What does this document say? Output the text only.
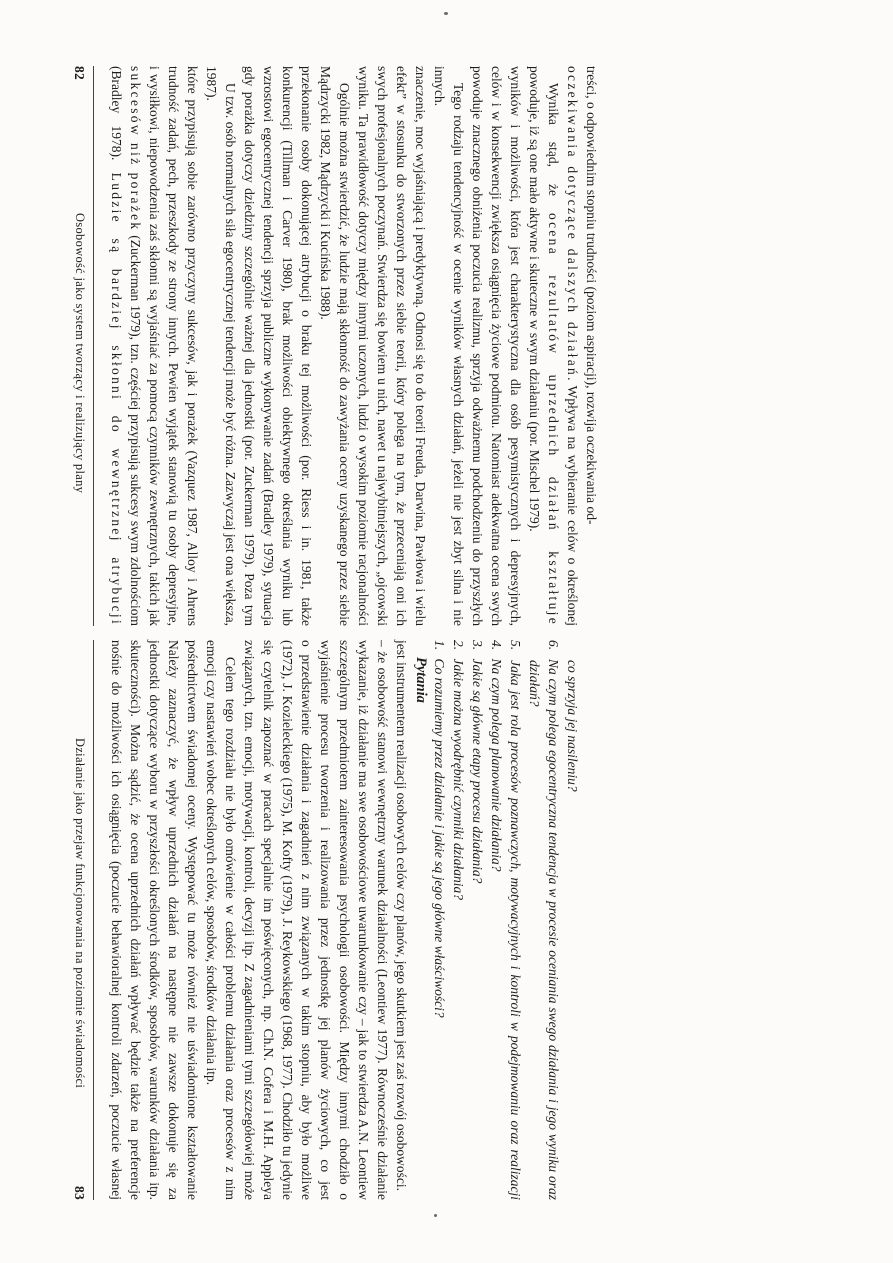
82
Osobowość jako system tworzący i realizujący plany

(Bradley 1978). Ludzie są bardziej skłonni do wewnętrznej atrybucji sukcesów niż porażek (Zuckerman 1979), tzn. częściej przypisują sukcesy swym zdolnościom i wysiłkowi, niepowodzenia zaś skłonni są wyjaśniać za pomocą czynników zewnętrznych, takich jak trudność zadań, pech, przeszkody ze strony innych. Pewien wyjątek stanowią tu osoby depresyjne, które przypisują sobie zarówno przyczyny sukcesów, jak i porażek (Vazquez 1987, Alloy i Ahrens 1987). U tzw. osób normalnych siła egocentrycznej tendencji może być różna. Zazwyczaj jest ona większa, gdy porażka dotyczy dziedziny szczególnie ważnej dla jednostki (por. Zuckerman 1979). Poza tym wzrostowi egocentrycznej tendencji sprzyja publiczne wykonywanie zadań (Bradley 1979), sytuacja konkurencji (Tillman i Carver 1980), brak możliwości obiektywnego określania wyniku lub przekonanie osoby dokonującej atrybucji o braku tej możliwości (por. Riess i in. 1981, także Mądrzycki 1982, Mądrzycki i Kucińska 1988). Ogólnie można stwierdzić, że ludzie mają skłonność do zawyżania oceny uzyskanego przez siebie wyniku. Ta prawidłowość dotyczy między innymi uczonych, ludzi o wysokim poziomie racjonalności swych profesjonalnych poczynań. Stwierdza się bowiem u nich, nawet u najwybitniejszych, „ojcowski efekt” w stosunku do stworzonych przez siebie teorii, który polega na tym, że przeceniają oni ich znaczenie, moc wyjaśniającą i predyktywną. Odnosi się to do teorii Freuda, Darwina, Pawłowa i wielu innych. Tego rodzaju tendencyjność w ocenie wyników własnych działań, jeżeli nie jest zbyt silna i nie powoduje znacznego obniżenia poczucia realizmu, sprzyja odważnemu podchodzeniu do przyszłych celów i w konsekwencji zwiększa osiągnięcia życiowe podmiotu. Natomiast adekwatna ocena swych wyników i możliwości, która jest charakterystyczna dla osób pesymistycznych i depresyjnych, powoduje, iż są one mało aktywne i skuteczne w swym działaniu (por. Mischel 1979). Wynika stąd, że ocena rezultatów uprzednich działań kształtuje oczekiwania dotyczące dalszych działań. Wpływa na wybieranie celów o określonej treści, o odpowiednim stopniu trudności (poziom aspiracji), rozwija oczekiwania od-

Działanie jako przejaw funkcjonowania na poziomie świadomości
83 nośnie do możliwości ich osiągnięcia (poczucie behawioralnej kontroli zdarzeń, poczucie własnej skuteczności). Można sądzić, że ocena uprzednich działań wpływać będzie także na preferencje jednostki dotyczące wyboru w przyszłości określonych środków, sposobów, warunków działania itp. Należy zaznaczyć, że wpływ uprzednich działań na następne nie zawsze dokonuje się za pośrednictwem świadomej oceny. Występować tu może również nie uświadomione kształtowanie emocji czy nastawień wobec określonych celów, sposobów, środków działania itp. Celem tego rozdziału nie było omówienie w całości problemu działania oraz procesów z nim związanych, tzn. emocji, motywacji, kontroli, decyzji itp. Z zagadnieniami tymi szczegółowiej może się czytelnik zapoznać w pracach specjalnie im poświęconych, np. Ch.N. Cofera i M.H. Appleya (1972), J. Kozieleckiego (1975), M. Kofty (1979), J. Reykowskiego (1968, 1977). Chodziło tu jedynie o przedstawienie działania i zagadnień z nim związanych w takim stopniu, aby było możliwe wyjaśnienie procesu tworzenia i realizowania przez jednostkę jej planów życiowych, co jest szczególnym przedmiotem zainteresowania psychologii osobowości. Między innymi chodziło o wykazanie, iż działanie ma swe osobowościowe uwarunkowanie czy – jak to stwierdza A.N. Leontiew – że osobowość stanowi wewnętrzny warunek działalności (Leontiew 1977). Równocześnie działanie jest instrumentem realizacji osobowych celów czy planów, jego skutkiem jest zaś rozwój osobowości. Pytania

1. Co rozumiemy przez działanie i jakie są jego główne właściwości?
2. Jakie można wyodrębnić czynniki działania?
3. Jakie są główne etapy procesu działania?
4. Na czym polega planowanie działania?
5. Jaka jest rola procesów poznawczych, motywacyjnych i kontroli w podejmowaniu oraz realizacji działań?
6. Na czym polega egocentryczna tendencja w procesie oceniania swego działania i jego wyniku oraz co sprzyja jej nasileniu?
